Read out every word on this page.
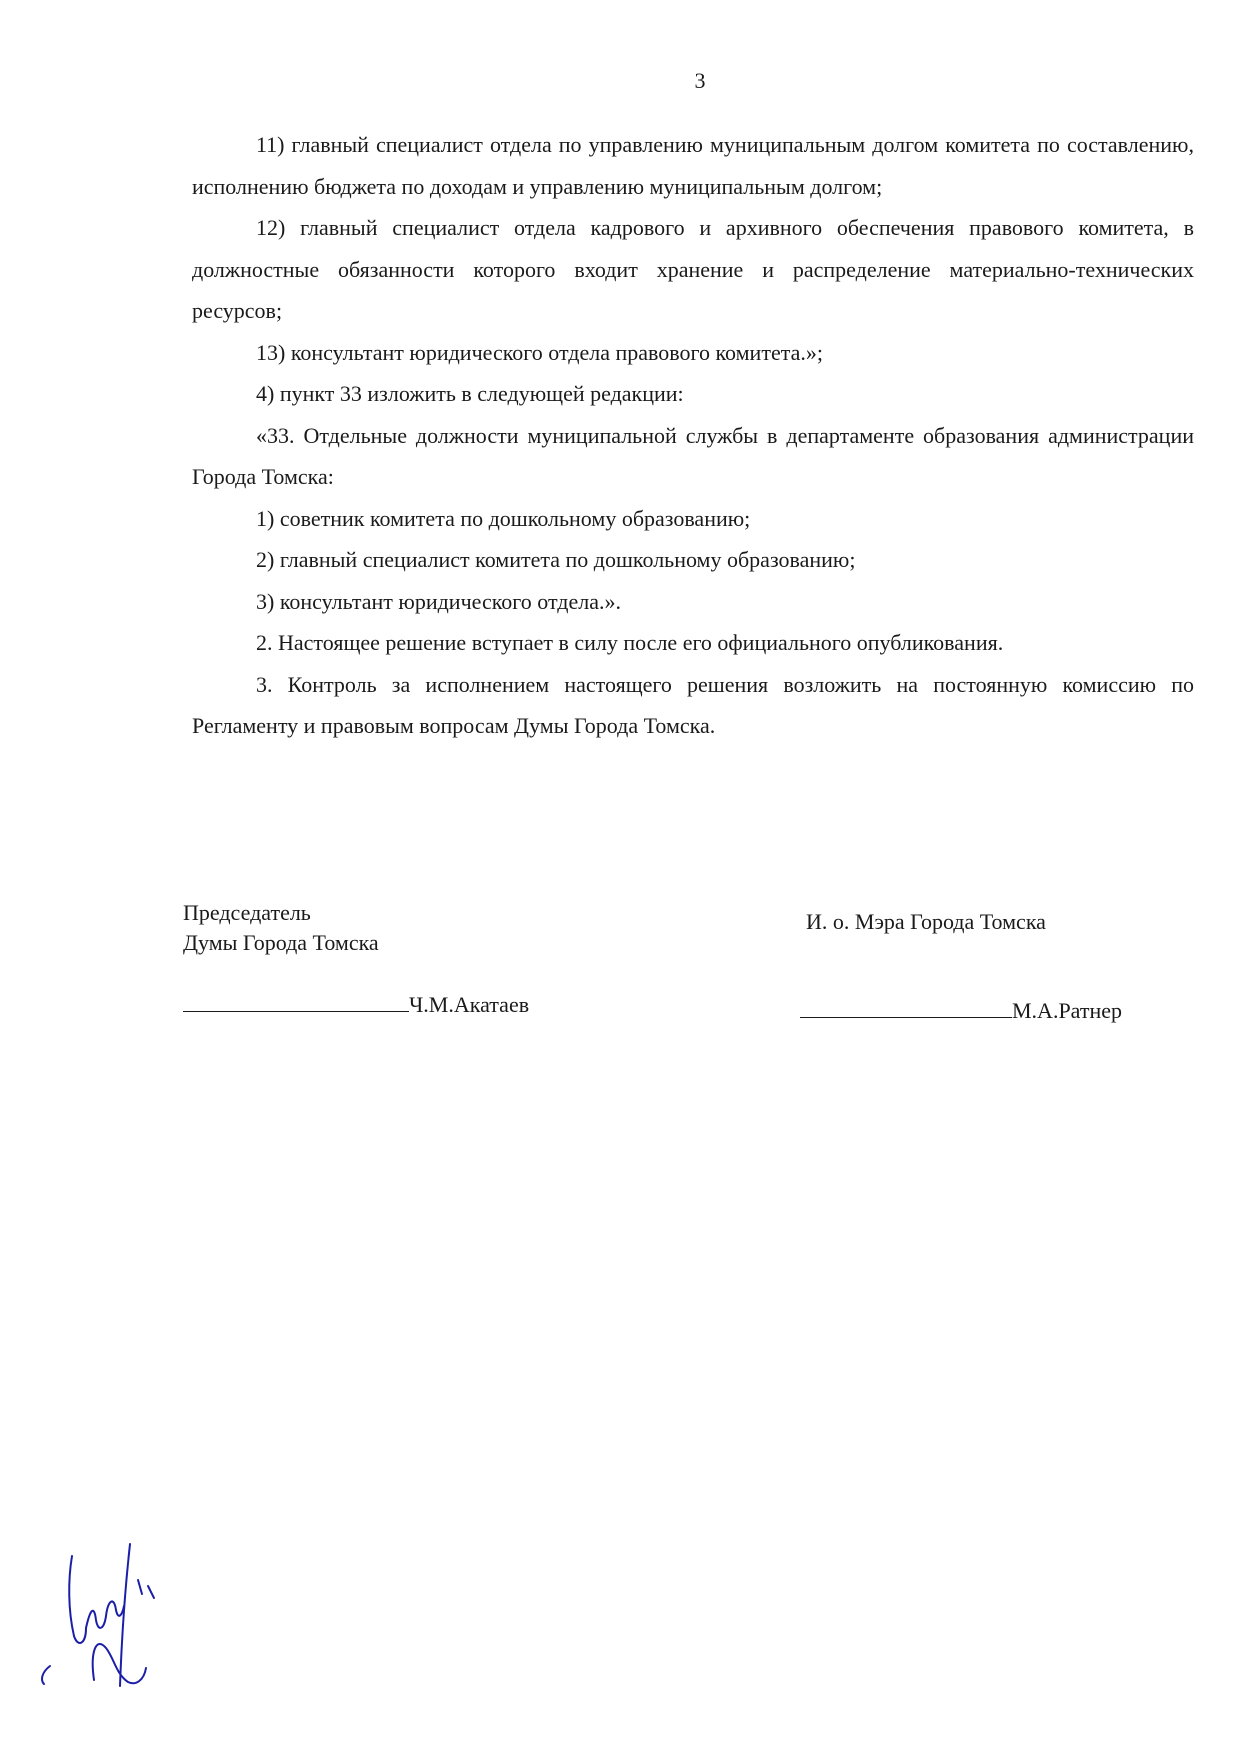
3

11) главный специалист отдела по управлению муниципальным долгом комитета по составлению, исполнению бюджета по доходам и управлению муниципальным долгом;

12) главный специалист отдела кадрового и архивного обеспечения правового комитета, в должностные обязанности которого входит хранение и распределение материально-технических ресурсов;

13) консультант юридического отдела правового комитета.»;

4) пункт 33 изложить в следующей редакции:

«33. Отдельные должности муниципальной службы в департаменте образования администрации Города Томска:

1) советник комитета по дошкольному образованию;

2) главный специалист комитета по дошкольному образованию;

3) консультант юридического отдела.».

2. Настоящее решение вступает в силу после его официального опубликования.

3. Контроль за исполнением настоящего решения возложить на постоянную комиссию по Регламенту и правовым вопросам Думы Города Томска.

Председатель
Думы Города Томска
И. о. Мэра Города Томска
Ч.М.Акатаев	М.А.Ратнер
